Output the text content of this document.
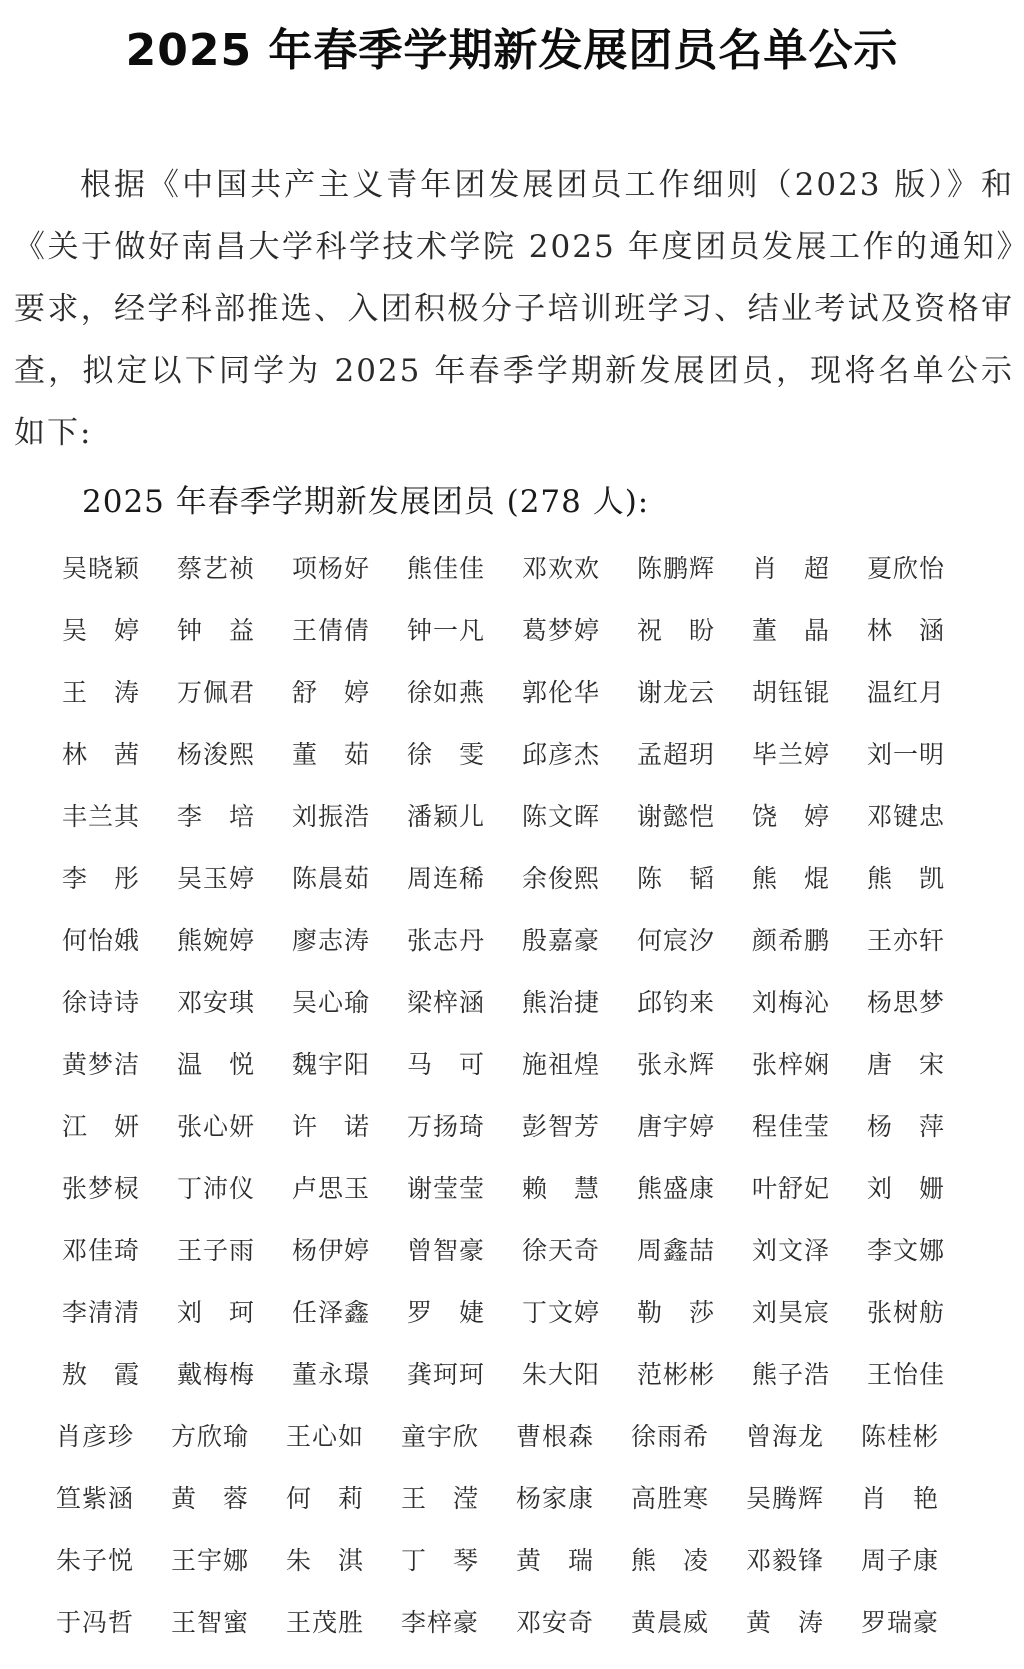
2025 年春季学期新发展团员名单公示

根据《中国共产主义青年团发展团员工作细则（2023 版）》和《关于做好南昌大学科学技术学院 2025 年度团员发展工作的通知》要求，经学科部推选、入团积极分子培训班学习、结业考试及资格审查，拟定以下同学为 2025 年春季学期新发展团员，现将名单公示如下:

2025 年春季学期新发展团员 (278 人):

吴晓颖	蔡艺祯	项杨好	熊佳佳	邓欢欢	陈鹏辉	肖　超	夏欣怡
吴　婷	钟　益	王倩倩	钟一凡	葛梦婷	祝　盼	董　晶	林　涵
王　涛	万佩君	舒　婷	徐如燕	郭伦华	谢龙云	胡钰锟	温红月
林　茜	杨浚熙	董　茹	徐　雯	邱彦杰	孟超玥	毕兰婷	刘一明
丰兰其	李　培	刘振浩	潘颖儿	陈文晖	谢懿恺	饶　婷	邓键忠
李　彤	吴玉婷	陈晨茹	周连稀	余俊熙	陈　韬	熊　焜	熊　凯
何怡娥	熊婉婷	廖志涛	张志丹	殷嘉豪	何宸汐	颜希鹏	王亦轩
徐诗诗	邓安琪	吴心瑜	梁梓涵	熊治捷	邱钧来	刘梅沁	杨思梦
黄梦洁	温　悦	魏宇阳	马　可	施祖煌	张永辉	张梓娴	唐　宋
江　妍	张心妍	许　诺	万扬琦	彭智芳	唐宇婷	程佳莹	杨　萍
张梦棂	丁沛仪	卢思玉	谢莹莹	赖　慧	熊盛康	叶舒妃	刘　姗
邓佳琦	王子雨	杨伊婷	曾智豪	徐天奇	周鑫喆	刘文泽	李文娜
李清清	刘　珂	任泽鑫	罗　婕	丁文婷	勒　莎	刘昊宸	张树舫
敖　霞	戴梅梅	董永璟	龚珂珂	朱大阳	范彬彬	熊子浩	王怡佳
肖彦珍	方欣瑜	王心如	童宇欣	曹根森	徐雨希	曾海龙	陈桂彬
笪紫涵	黄　蓉	何　莉	王　滢	杨家康	高胜寒	吴腾辉	肖　艳
朱子悦	王宇娜	朱　淇	丁　琴	黄　瑞	熊　凌	邓毅锋	周子康
于冯哲	王智蜜	王茂胜	李梓豪	邓安奇	黄晨威	黄　涛	罗瑞豪
